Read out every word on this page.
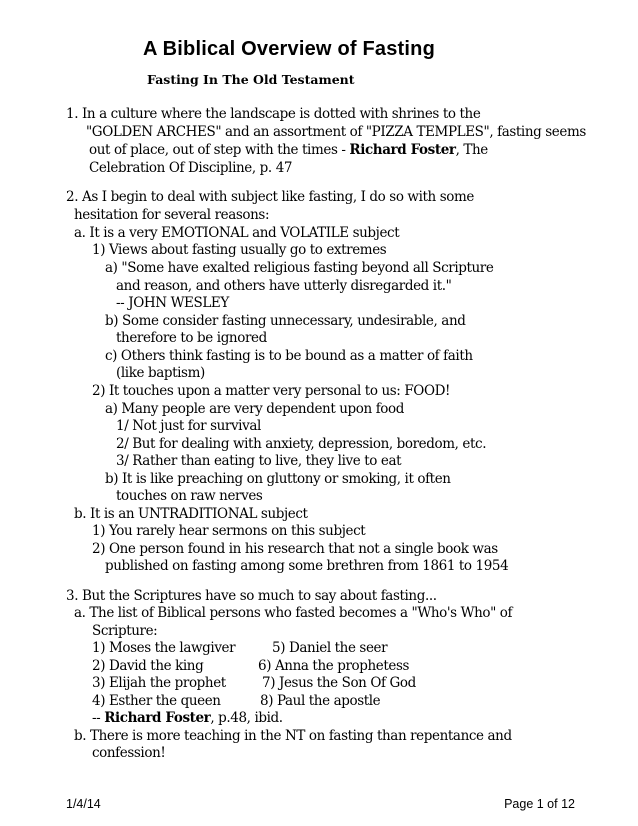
A Biblical Overview of Fasting
Fasting In The Old Testament
1. In a culture where the landscape is dotted with shrines to the
"GOLDEN ARCHES" and an assortment of "PIZZA TEMPLES", fasting seems
out of place, out of step with the times - Richard Foster, The
Celebration Of Discipline, p. 47
2. As I begin to deal with subject like fasting, I do so with some
hesitation for several reasons:
a. It is a very EMOTIONAL and VOLATILE subject
1) Views about fasting usually go to extremes
a) "Some have exalted religious fasting beyond all Scripture
and reason, and others have utterly disregarded it."
-- JOHN WESLEY
b) Some consider fasting unnecessary, undesirable, and
therefore to be ignored
c) Others think fasting is to be bound as a matter of faith
(like baptism)
2) It touches upon a matter very personal to us: FOOD!
a) Many people are very dependent upon food
1/ Not just for survival
2/ But for dealing with anxiety, depression, boredom, etc.
3/ Rather than eating to live, they live to eat
b) It is like preaching on gluttony or smoking, it often
touches on raw nerves
b. It is an UNTRADITIONAL subject
1) You rarely hear sermons on this subject
2) One person found in his research that not a single book was
published on fasting among some brethren from 1861 to 1954
3. But the Scriptures have so much to say about fasting...
a. The list of Biblical persons who fasted becomes a "Who's Who" of
Scripture:
1) Moses the lawgiver	5) Daniel the seer
2) David the king	6) Anna the prophetess
3) Elijah the prophet	7) Jesus the Son Of God
4) Esther the queen	8) Paul the apostle
-- Richard Foster, p.48, ibid.
b. There is more teaching in the NT on fasting than repentance and
confession!
1/4/14	Page 1 of 12
